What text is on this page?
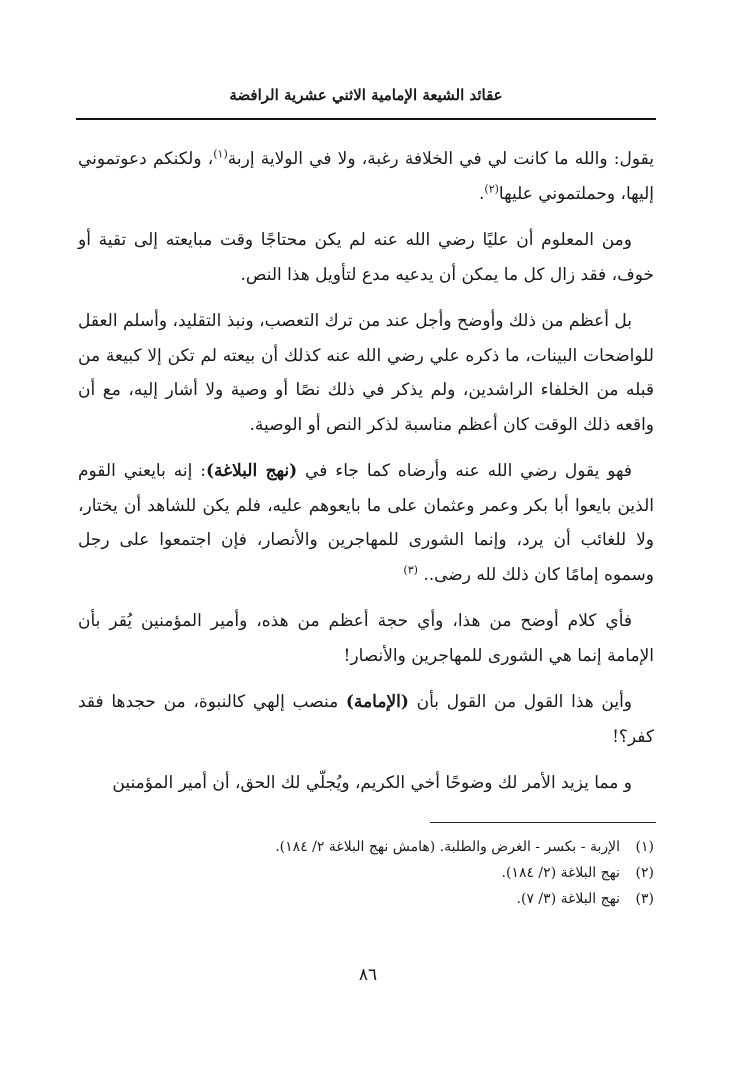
عقائد الشيعة الإمامية الاثني عشرية الرافضة

يقول: والله ما كانت لي في الخلافة رغبة، ولا في الولاية إربة$^{(١)}$، ولكنكم دعوتموني إليها، وحملتموني عليها$^{(٢)}$.

ومن المعلوم أن عليًا رضي الله عنه لم يكن محتاجًا وقت مبايعته إلى تقية أو خوف، فقد زال كل ما يمكن أن يدعيه مدع لتأويل هذا النص.

بل أعظم من ذلك وأوضح وأجل عند من ترك التعصب، ونبذ التقليد، وأسلم العقل للواضحات البينات، ما ذكره علي رضي الله عنه كذلك أن بيعته لم تكن إلا كبيعة من قبله من الخلفاء الراشدين، ولم يذكر في ذلك نصًا أو وصية ولا أشار إليه، مع أن واقعه ذلك الوقت كان أعظم مناسبة لذكر النص أو الوصية.

فهو يقول رضي الله عنه وأرضاه كما جاء في (نهج البلاغة): إنه بايعني القوم الذين بايعوا أبا بكر وعمر وعثمان على ما بايعوهم عليه، فلم يكن للشاهد أن يختار، ولا للغائب أن يرد، وإنما الشورى للمهاجرين والأنصار، فإن اجتمعوا على رجل وسموه إمامًا كان ذلك لله رضى.. $^{(٣)}$

فأي كلام أوضح من هذا، وأي حجة أعظم من هذه، وأمير المؤمنين يُقر بأن الإمامة إنما هي الشورى للمهاجرين والأنصار!

وأين هذا القول من القول بأن (الإمامة) منصب إلهي كالنبوة، من حجدها فقد كفر؟!

و مما يزيد الأمر لك وضوحًا أخي الكريم، ويُجلّي لك الحق، أن أمير المؤمنين

(١)الإربة - بكسر - الغرض والطلبة. (هامش نهج البلاغة ٢/ ١٨٤).

(٢)نهج البلاغة (٢/ ١٨٤).

(٣)نهج البلاغة (٣/ ٧).

٨٦
